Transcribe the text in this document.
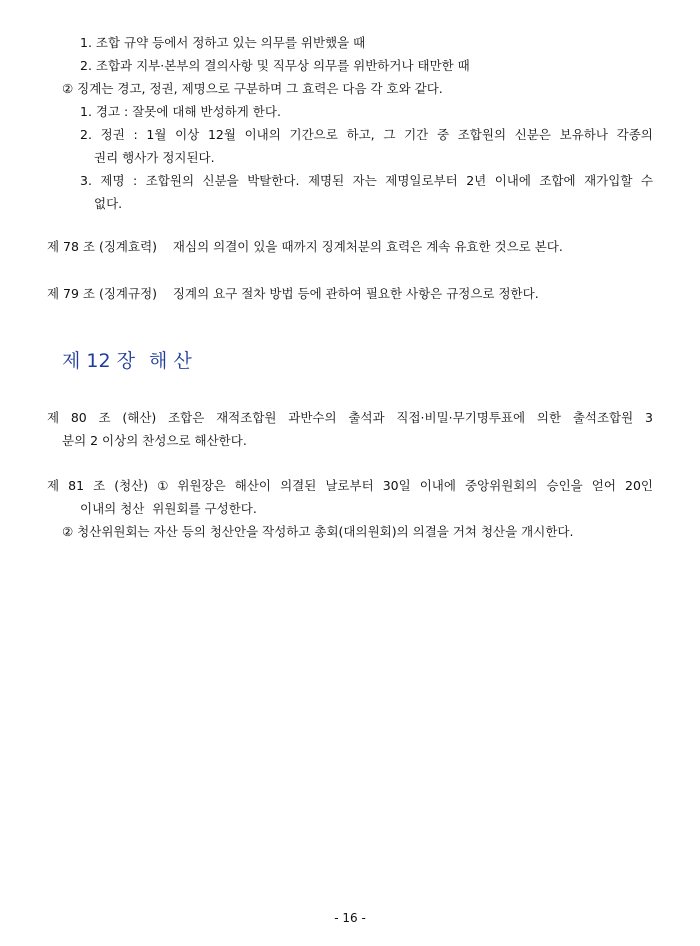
1. 조합 규약 등에서 정하고 있는 의무를 위반했을 때
2. 조합과 지부·본부의 결의사항 및 직무상 의무를 위반하거나 태만한 때
② 징계는 경고, 정권, 제명으로 구분하며 그 효력은 다음 각 호와 같다.
1. 경고 : 잘못에 대해 반성하게 한다.
2. 정권 : 1월 이상 12월 이내의 기간으로 하고, 그 기간 중 조합원의 신분은 보유하나 각종의
권리 행사가 정지된다.
3. 제명 : 조합원의 신분을 박탈한다. 제명된 자는 제명일로부터 2년 이내에 조합에 재가입할 수
없다.
제 78 조 (징계효력)    재심의 의결이 있을 때까지 징계처분의 효력은 계속 유효한 것으로 본다.
제 79 조 (징계규정)    징계의 요구 절차 방법 등에 관하여 필요한 사항은 규정으로 정한다.
제 12 장 해 산
제 80 조 (해산) 조합은 재적조합원 과반수의 출석과 직접·비밀·무기명투표에 의한 출석조합원 3
분의 2 이상의 찬성으로 해산한다.
제 81 조 (청산) ① 위원장은 해산이 의결된 날로부터 30일 이내에 중앙위원회의 승인을 얻어 20인
이내의 청산  위원회를 구성한다.
② 청산위원회는 자산 등의 청산안을 작성하고 총회(대의원회)의 의결을 거쳐 청산을 개시한다.
- 16 -
